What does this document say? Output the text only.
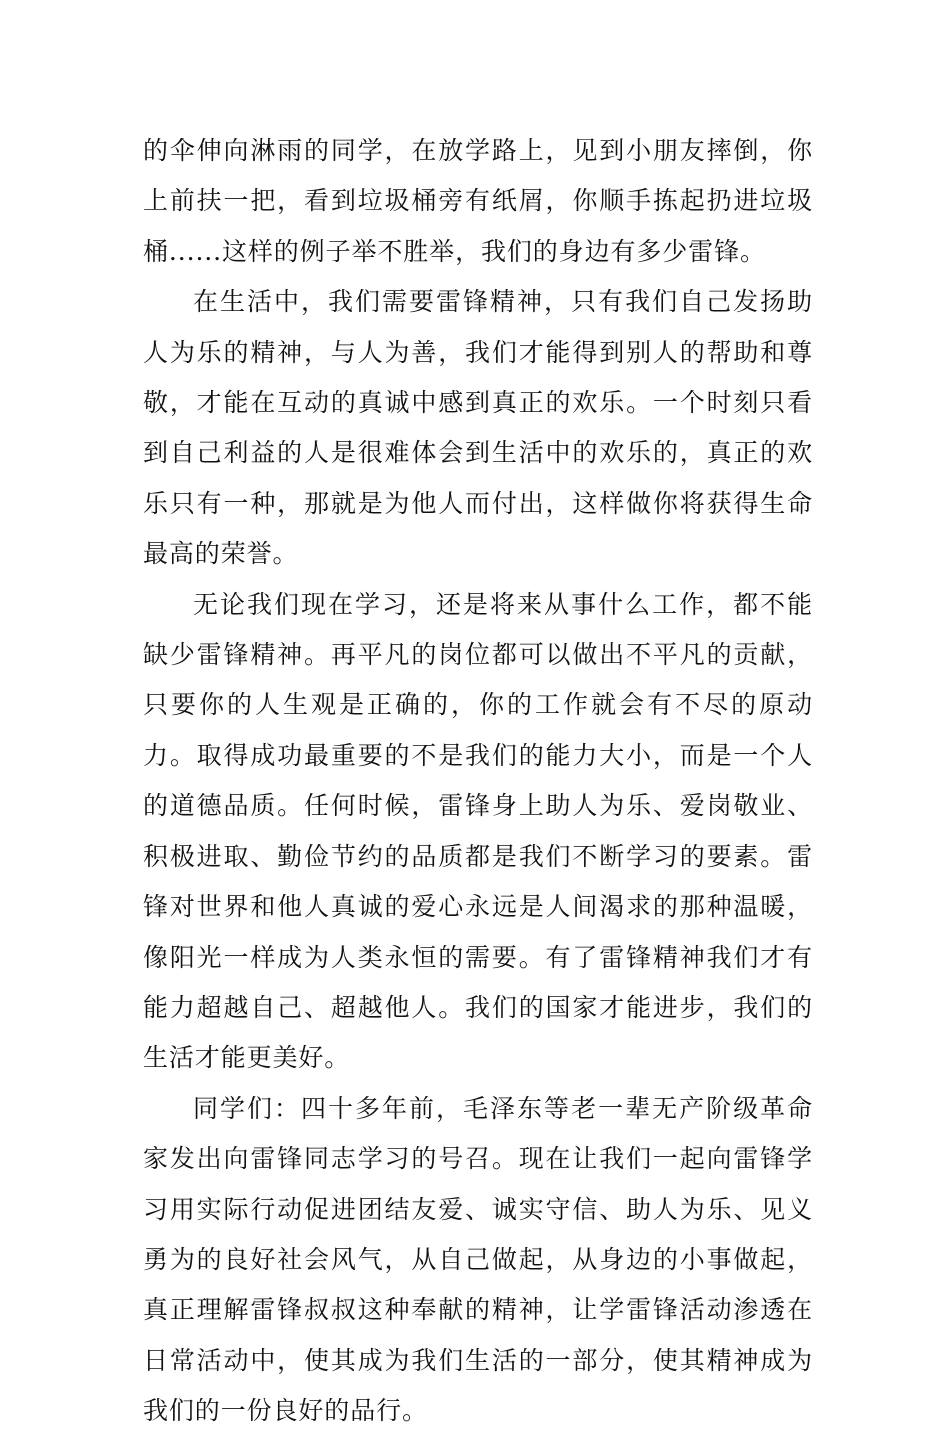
的伞伸向淋雨的同学，在放学路上，见到小朋友摔倒，你上前扶一把，看到垃圾桶旁有纸屑，你顺手拣起扔进垃圾桶......这样的例子举不胜举，我们的身边有多少雷锋。

在生活中，我们需要雷锋精神，只有我们自己发扬助人为乐的精神，与人为善，我们才能得到别人的帮助和尊敬，才能在互动的真诚中感到真正的欢乐。一个时刻只看到自己利益的人是很难体会到生活中的欢乐的，真正的欢乐只有一种，那就是为他人而付出，这样做你将获得生命最高的荣誉。

无论我们现在学习，还是将来从事什么工作，都不能缺少雷锋精神。再平凡的岗位都可以做出不平凡的贡献，只要你的人生观是正确的，你的工作就会有不尽的原动力。取得成功最重要的不是我们的能力大小，而是一个人的道德品质。任何时候，雷锋身上助人为乐、爱岗敬业、积极进取、勤俭节约的品质都是我们不断学习的要素。雷锋对世界和他人真诚的爱心永远是人间渴求的那种温暖，像阳光一样成为人类永恒的需要。有了雷锋精神我们才有能力超越自己、超越他人。我们的国家才能进步，我们的生活才能更美好。

同学们：四十多年前，毛泽东等老一辈无产阶级革命家发出向雷锋同志学习的号召。现在让我们一起向雷锋学习用实际行动促进团结友爱、诚实守信、助人为乐、见义勇为的良好社会风气，从自己做起，从身边的小事做起，真正理解雷锋叔叔这种奉献的精神，让学雷锋活动渗透在日常活动中，使其成为我们生活的一部分，使其精神成为我们的一份良好的品行。
